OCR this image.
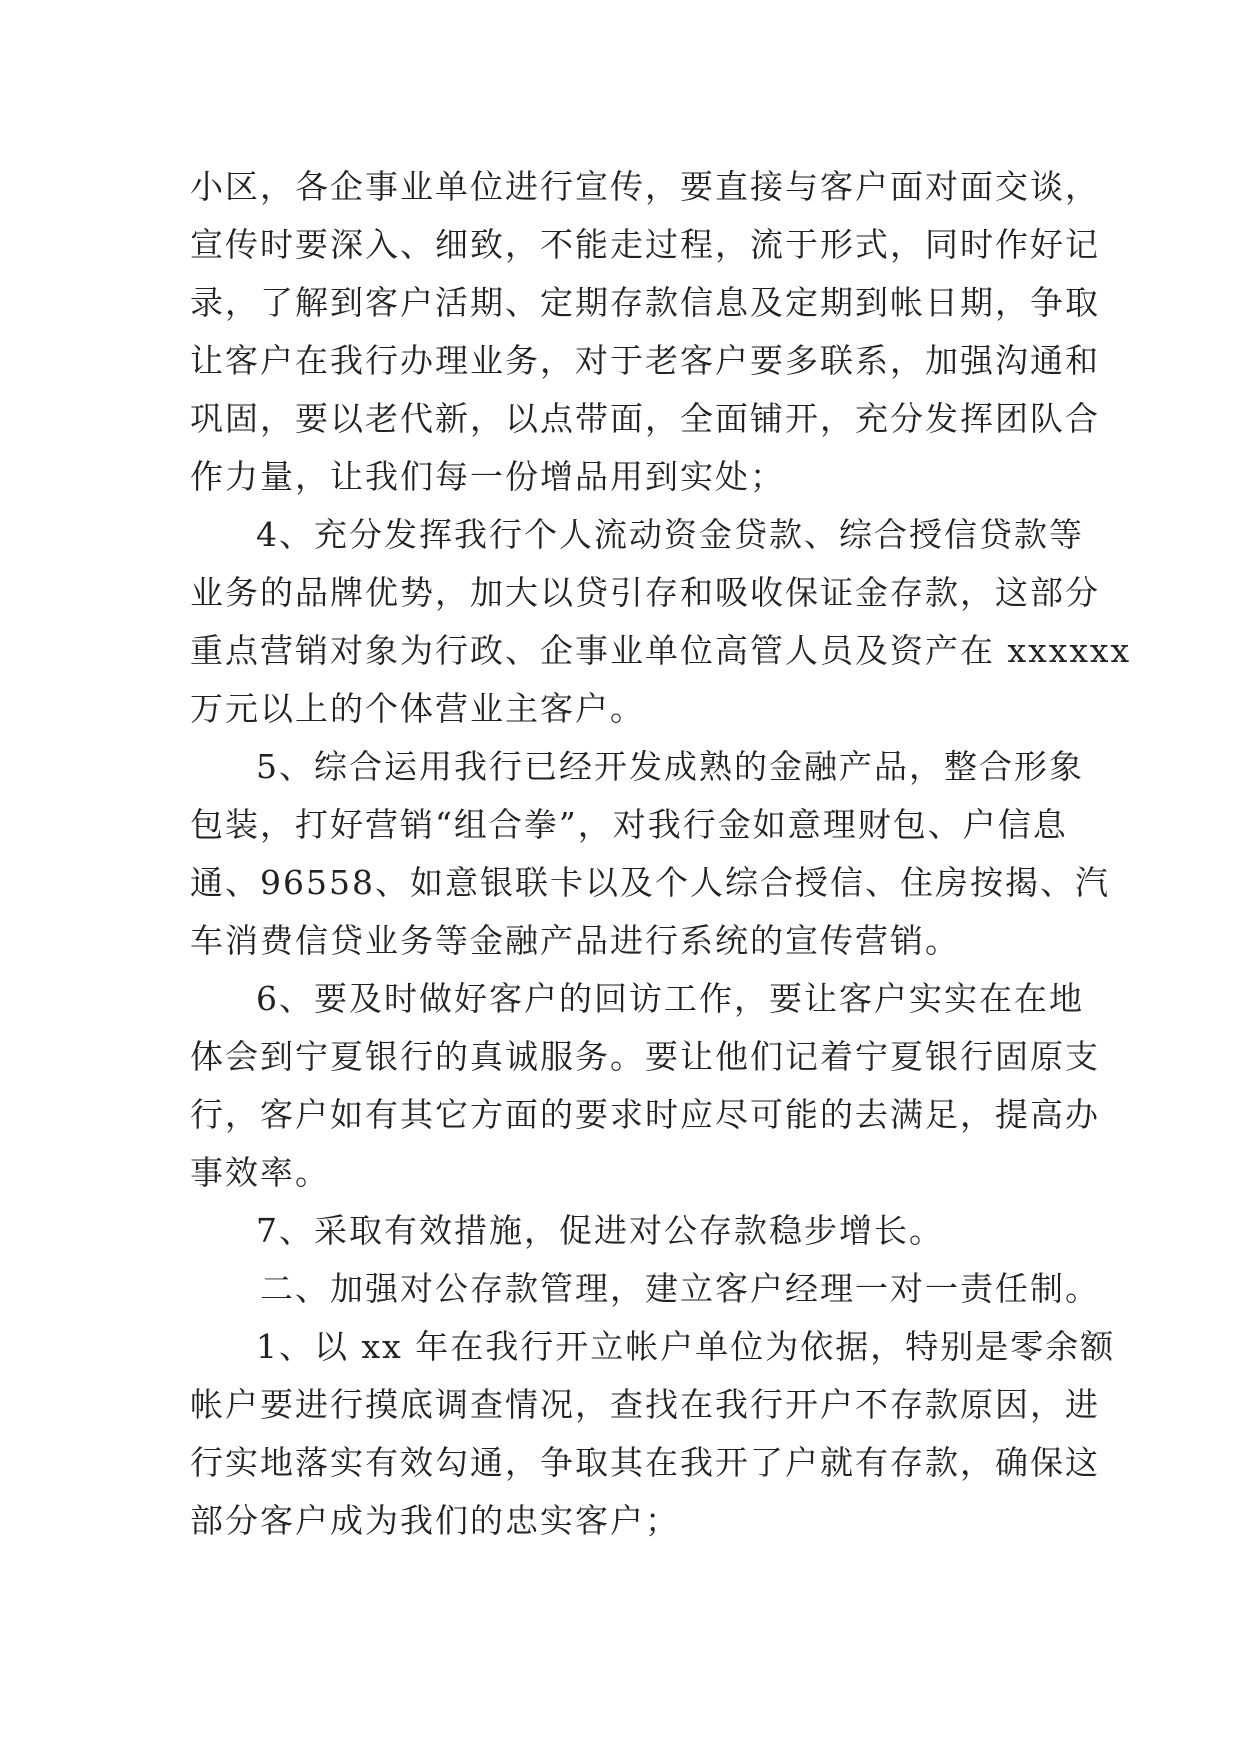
小区，各企事业单位进行宣传，要直接与客户面对面交谈，
宣传时要深入、细致，不能走过程，流于形式，同时作好记
录，了解到客户活期、定期存款信息及定期到帐日期，争取
让客户在我行办理业务，对于老客户要多联系，加强沟通和
巩固，要以老代新，以点带面，全面铺开，充分发挥团队合
作力量，让我们每一份增品用到实处；
4、充分发挥我行个人流动资金贷款、综合授信贷款等
业务的品牌优势，加大以贷引存和吸收保证金存款，这部分
重点营销对象为行政、企事业单位高管人员及资产在 xxxxxx
万元以上的个体营业主客户。
5、综合运用我行已经开发成熟的金融产品，整合形象
包装，打好营销“组合拳”，对我行金如意理财包、户信息
通、96558、如意银联卡以及个人综合授信、住房按揭、汽
车消费信贷业务等金融产品进行系统的宣传营销。
6、要及时做好客户的回访工作，要让客户实实在在地
体会到宁夏银行的真诚服务。要让他们记着宁夏银行固原支
行，客户如有其它方面的要求时应尽可能的去满足，提高办
事效率。
7、采取有效措施，促进对公存款稳步增长。
二、加强对公存款管理，建立客户经理一对一责任制。
1、以 xx 年在我行开立帐户单位为依据，特别是零余额
帐户要进行摸底调查情况，查找在我行开户不存款原因，进
行实地落实有效勾通，争取其在我开了户就有存款，确保这
部分客户成为我们的忠实客户；
